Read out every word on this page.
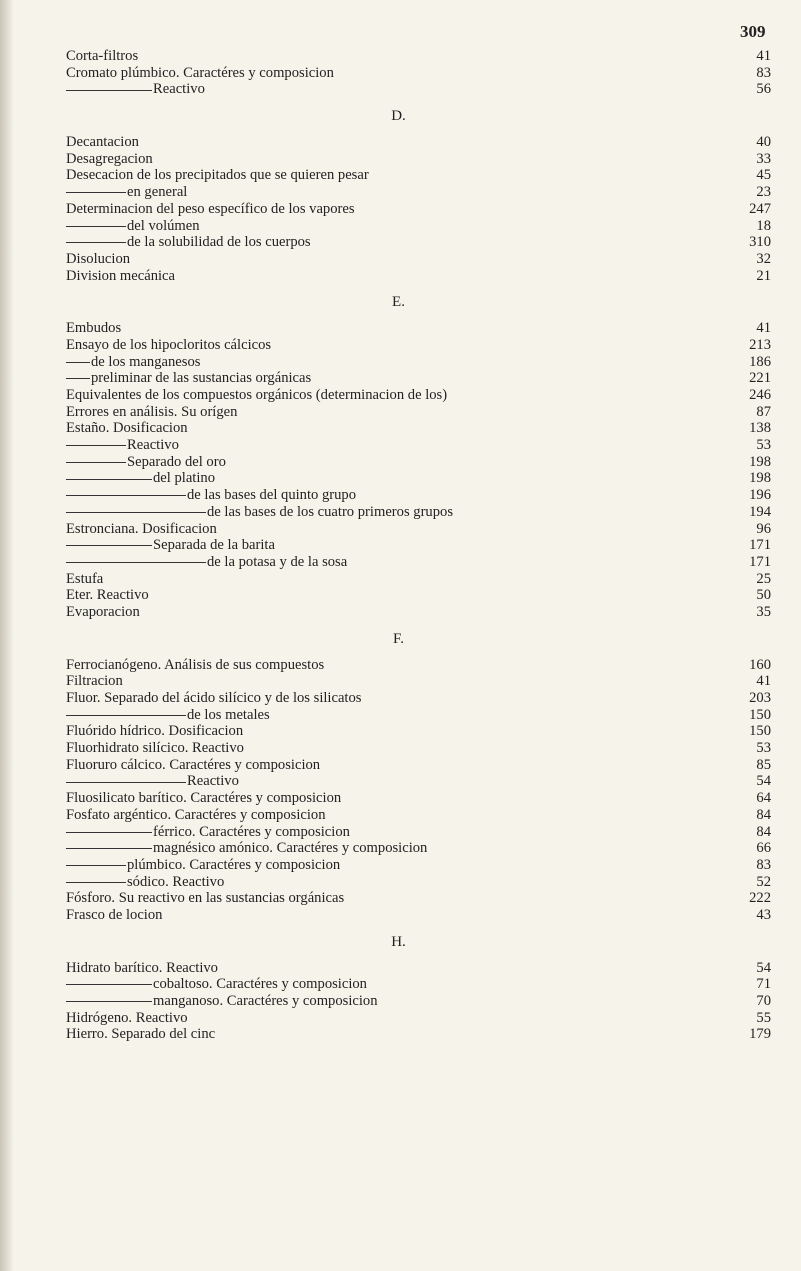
309
Corta-filtros	41
Cromato plúmbico. Caractéres y composicion	83
Reactivo	56
D.
Decantacion	40
Desagregacion	33
Desecacion de los precipitados que se quieren pesar	45
en general	23
Determinacion del peso específico de los vapores	247
del volúmen	18
de la solubilidad de los cuerpos	310
Disolucion	32
Division mecánica	21
E.
Embudos	41
Ensayo de los hipocloritos cálcicos	213
de los manganesos	186
preliminar de las sustancias orgánicas	221
Equivalentes de los compuestos orgánicos (determinacion de los)	246
Errores en análisis. Su orígen	87
Estaño. Dosificacion	138
Reactivo	53
Separado del oro	198
del platino	198
de las bases del quinto grupo	196
de las bases de los cuatro primeros grupos	194
Estronciana. Dosificacion	96
Separada de la barita	171
de la potasa y de la sosa	171
Estufa	25
Eter. Reactivo	50
Evaporacion	35
F.
Ferrocianógeno. Análisis de sus compuestos	160
Filtracion	41
Fluor. Separado del ácido silícico y de los silicatos	203
de los metales	150
Fluórido hídrico. Dosificacion	150
Fluorhidrato silícico. Reactivo	53
Fluoruro cálcico. Caractéres y composicion	85
Reactivo	54
Fluosilicato barítico. Caractéres y composicion	64
Fosfato argéntico. Caractéres y composicion	84
férrico. Caractéres y composicion	84
magnésico amónico. Caractéres y composicion	66
plúmbico. Caractéres y composicion	83
sódico. Reactivo	52
Fósforo. Su reactivo en las sustancias orgánicas	222
Frasco de locion	43
H.
Hidrato barítico. Reactivo	54
cobaltoso. Caractéres y composicion	71
manganoso. Caractéres y composicion	70
Hidrógeno. Reactivo	55
Hierro. Separado del cinc	179
